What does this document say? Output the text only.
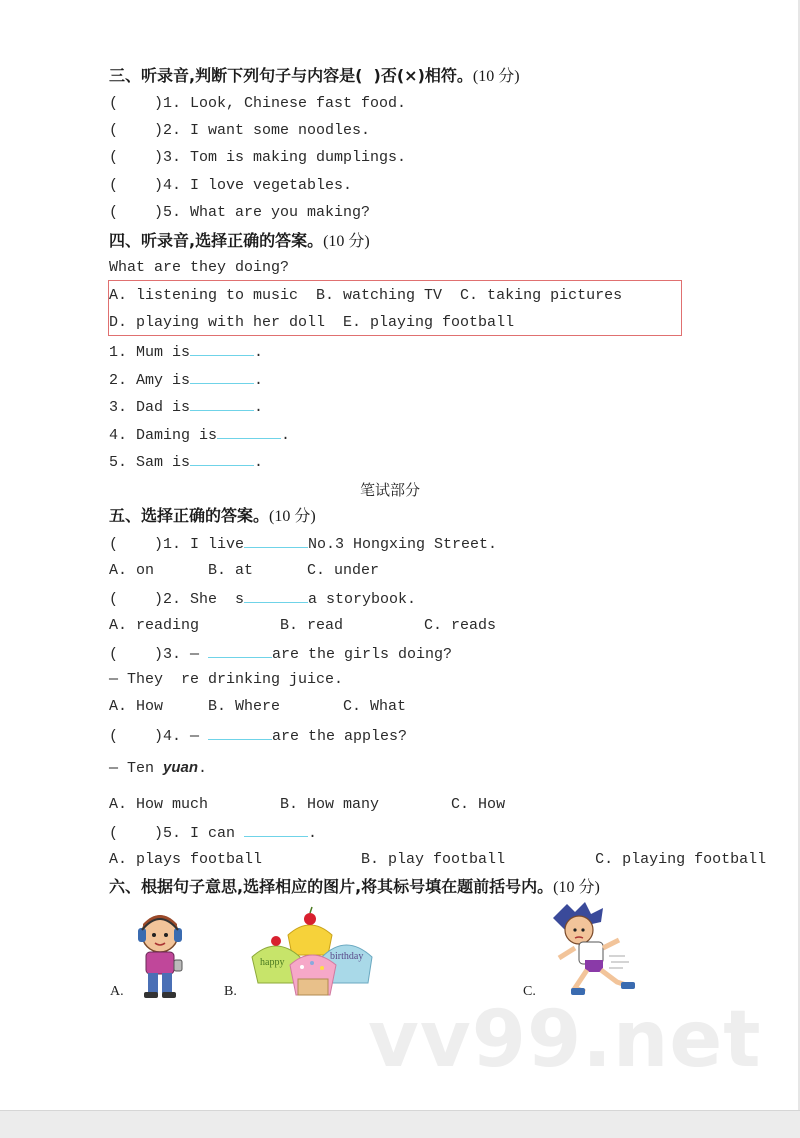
三、听录音,判断下列句子与内容是(  )否(×)相符。(10 分)
(    )1. Look, Chinese fast food.
(    )2. I want some noodles.
(    )3. Tom is making dumplings.
(    )4. I love vegetables.
(    )5. What are you making?
四、听录音,选择正确的答案。(10 分)
What are they doing?
A. listening to music  B. watching TV  C. taking pictures
D. playing with her doll  E. playing football
1. Mum is	.
2. Amy is	.
3. Dad is	.
4. Daming is	.
5. Sam is	.
笔试部分
五、选择正确的答案。(10 分)
(    )1. I live	No.3 Hongxing Street.
A. on      B. at      C. under
(    )2. She  s	a storybook.
A. reading         B. read         C. reads
(    )3. —	are the girls doing?
— They  re drinking juice.
A. How     B. Where       C. What
(    )4. —	are the apples?
— Ten yuan.
A. How much        B. How many        C. How
(    )5. I can	.
A. plays football           B. play football          C. playing football
六、根据句子意思,选择相应的图片,将其标号填在题前括号内。(10 分)
A.	B.
happy
birthday
C.
vv99.net
